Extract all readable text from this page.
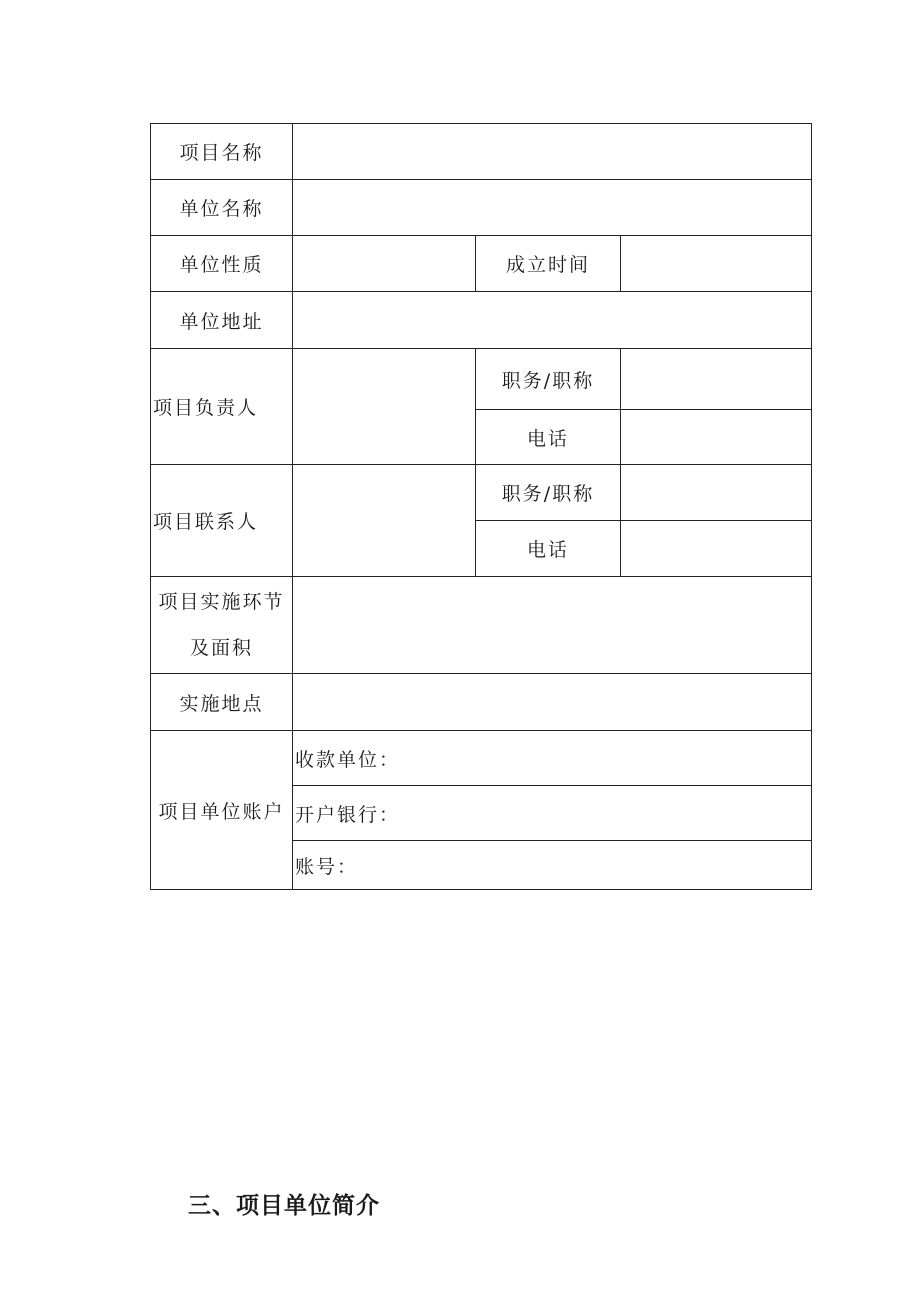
项目名称			
单位名称			
单位性质		成立时间	
单位地址			
项目负责人		职务/职称	
		电话	
项目联系人		职务/职称	
		电话	

项目实施环节
及面积			

实施地点			
项目单位账户	收款单位：		
	开户银行：		
	账号：		
三、项目单位简介
